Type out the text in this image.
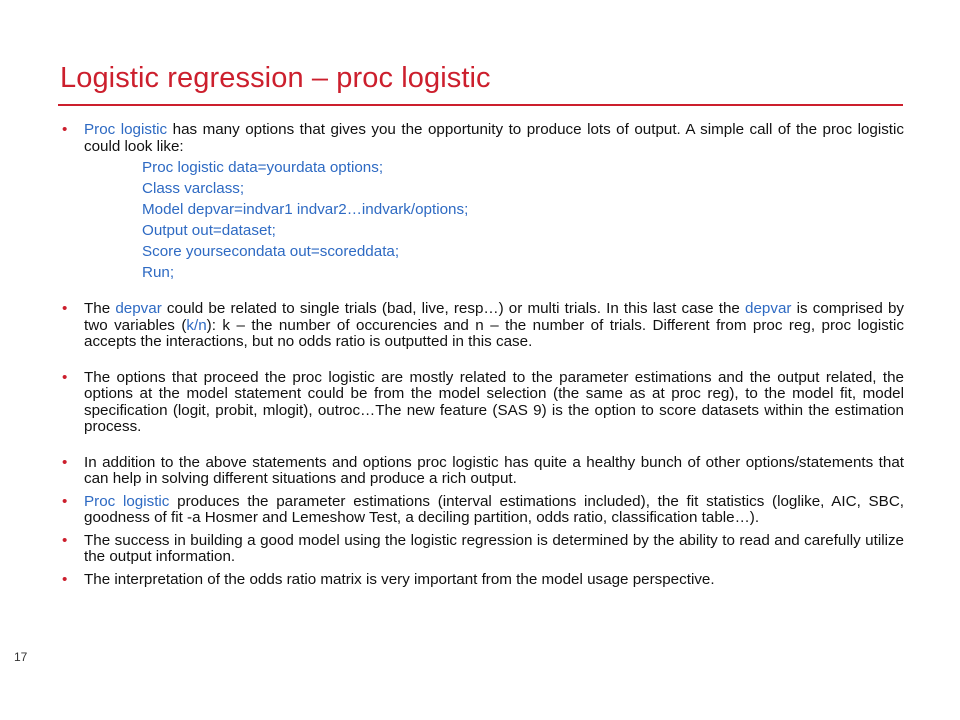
Logistic regression – proc logistic
• Proc logistic has many options that gives you the opportunity to produce lots of output. A simple call of the proc logistic could look like:
Proc logistic data=yourdata options;
Class varclass;
Model depvar=indvar1 indvar2…indvark/options;
Output out=dataset;
Score yoursecondata out=scoreddata;
Run;
• The depvar could be related to single trials (bad, live, resp…) or multi trials. In this last case the depvar is comprised by two variables (k/n): k – the number of occurencies and n – the number of trials. Different from proc reg, proc logistic accepts the interactions, but no odds ratio is outputted in this case.
• The options that proceed the proc logistic are mostly related to the parameter estimations and the output related, the options at the model statement could be from the model selection (the same as at proc reg), to the model fit, model specification (logit, probit, mlogit), outroc…The new feature (SAS 9) is the option to score datasets within the estimation process.
• In addition to the above statements and options proc logistic has quite a healthy bunch of other options/statements that can help in solving different situations and produce a rich output.
• Proc logistic produces the parameter estimations (interval estimations included), the fit statistics (loglike, AIC, SBC, goodness of fit -a Hosmer and Lemeshow Test, a deciling partition, odds ratio, classification table…).
• The success in building a good model using the logistic regression is determined by the ability to read and carefully utilize the output information.
• The interpretation of the odds ratio matrix is very important from the model usage perspective.
17
